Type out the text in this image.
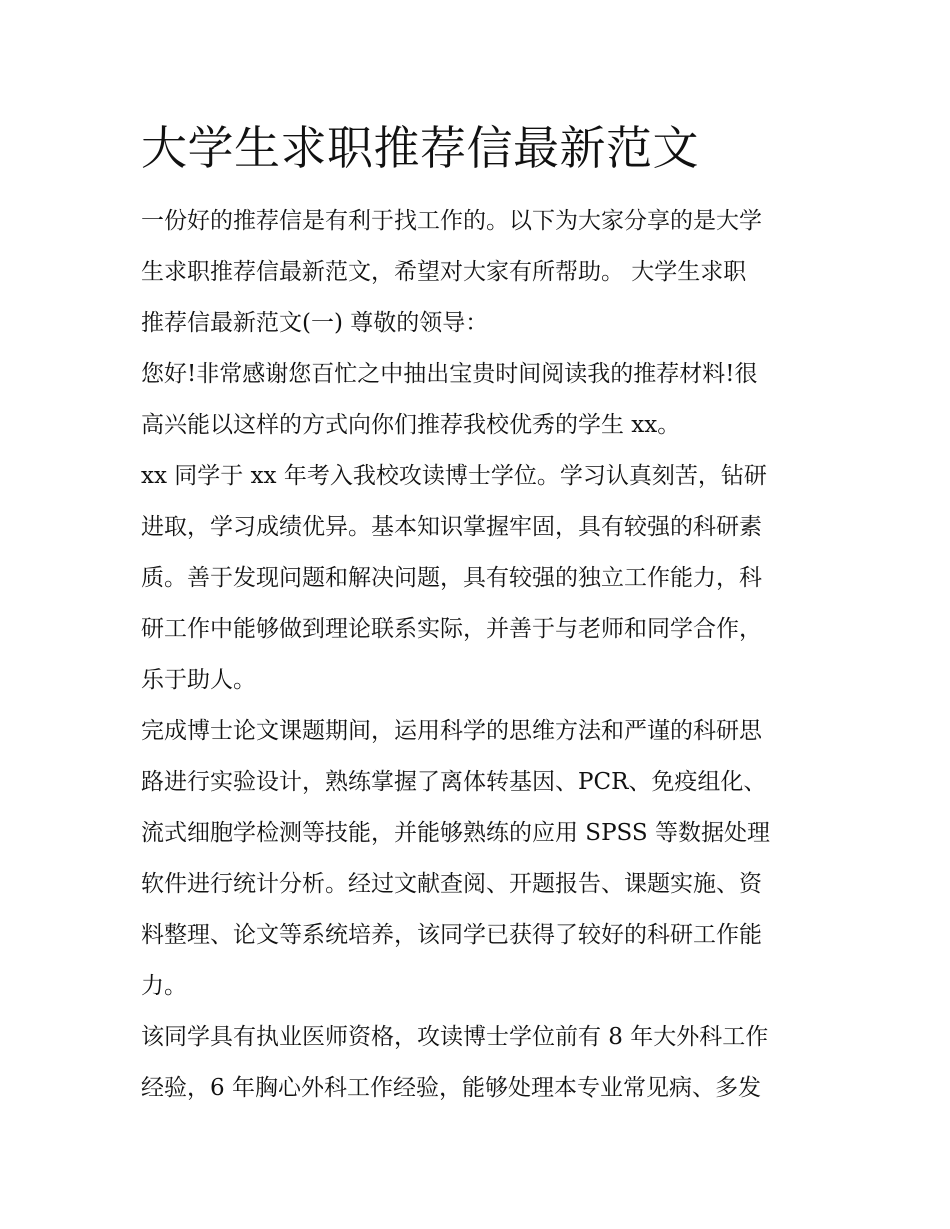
大学生求职推荐信最新范文

一份好的推荐信是有利于找工作的。以下为大家分享的是大学
生求职推荐信最新范文，希望对大家有所帮助。 大学生求职
推荐信最新范文(一) 尊敬的领导：

您好!非常感谢您百忙之中抽出宝贵时间阅读我的推荐材料!很
高兴能以这样的方式向你们推荐我校优秀的学生 xx。

xx 同学于 xx 年考入我校攻读博士学位。学习认真刻苦，钻研
进取，学习成绩优异。基本知识掌握牢固，具有较强的科研素
质。善于发现问题和解决问题，具有较强的独立工作能力，科
研工作中能够做到理论联系实际，并善于与老师和同学合作，
乐于助人。

完成博士论文课题期间，运用科学的思维方法和严谨的科研思
路进行实验设计，熟练掌握了离体转基因、PCR、免疫组化、
流式细胞学检测等技能，并能够熟练的应用 SPSS 等数据处理
软件进行统计分析。经过文献查阅、开题报告、课题实施、资
料整理、论文等系统培养，该同学已获得了较好的科研工作能
力。

该同学具有执业医师资格，攻读博士学位前有 8 年大外科工作
经验，6 年胸心外科工作经验，能够处理本专业常见病、多发
